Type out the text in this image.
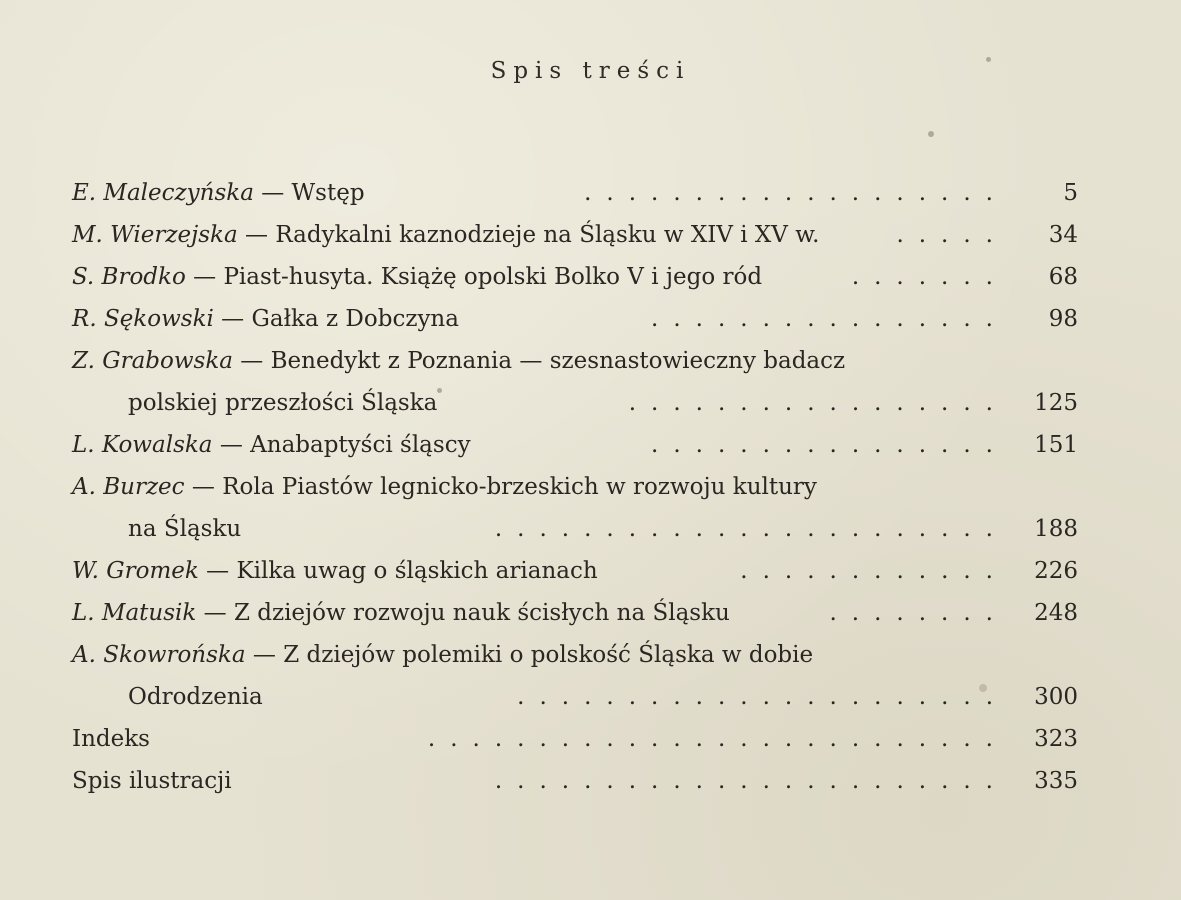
Spis treści
E. Maleczyńska — Wstęp	...................	5
M. Wierzejska — Radykalni kaznodzieje na Śląsku w XIV i XV w.	.....	34
S. Brodko — Piast-husyta. Książę opolski Bolko V i jego ród	.......	68
R. Sękowski — Gałka z Dobczyna	................	98
Z. Grabowska — Benedykt z Poznania — szesnastowieczny badacz
polskiej przeszłości Śląska	.................	125
L. Kowalska — Anabaptyści śląscy	................	151
A. Burzec — Rola Piastów legnicko-brzeskich w rozwoju kultury
na Śląsku	.......................	188
W. Gromek — Kilka uwag o śląskich arianach	............	226
L. Matusik — Z dziejów rozwoju nauk ścisłych na Śląsku	........	248
A. Skowrońska — Z dziejów polemiki o polskość Śląska w dobie
Odrodzenia	......................	300
Indeks	..........................	323
Spis ilustracji	.......................	335
